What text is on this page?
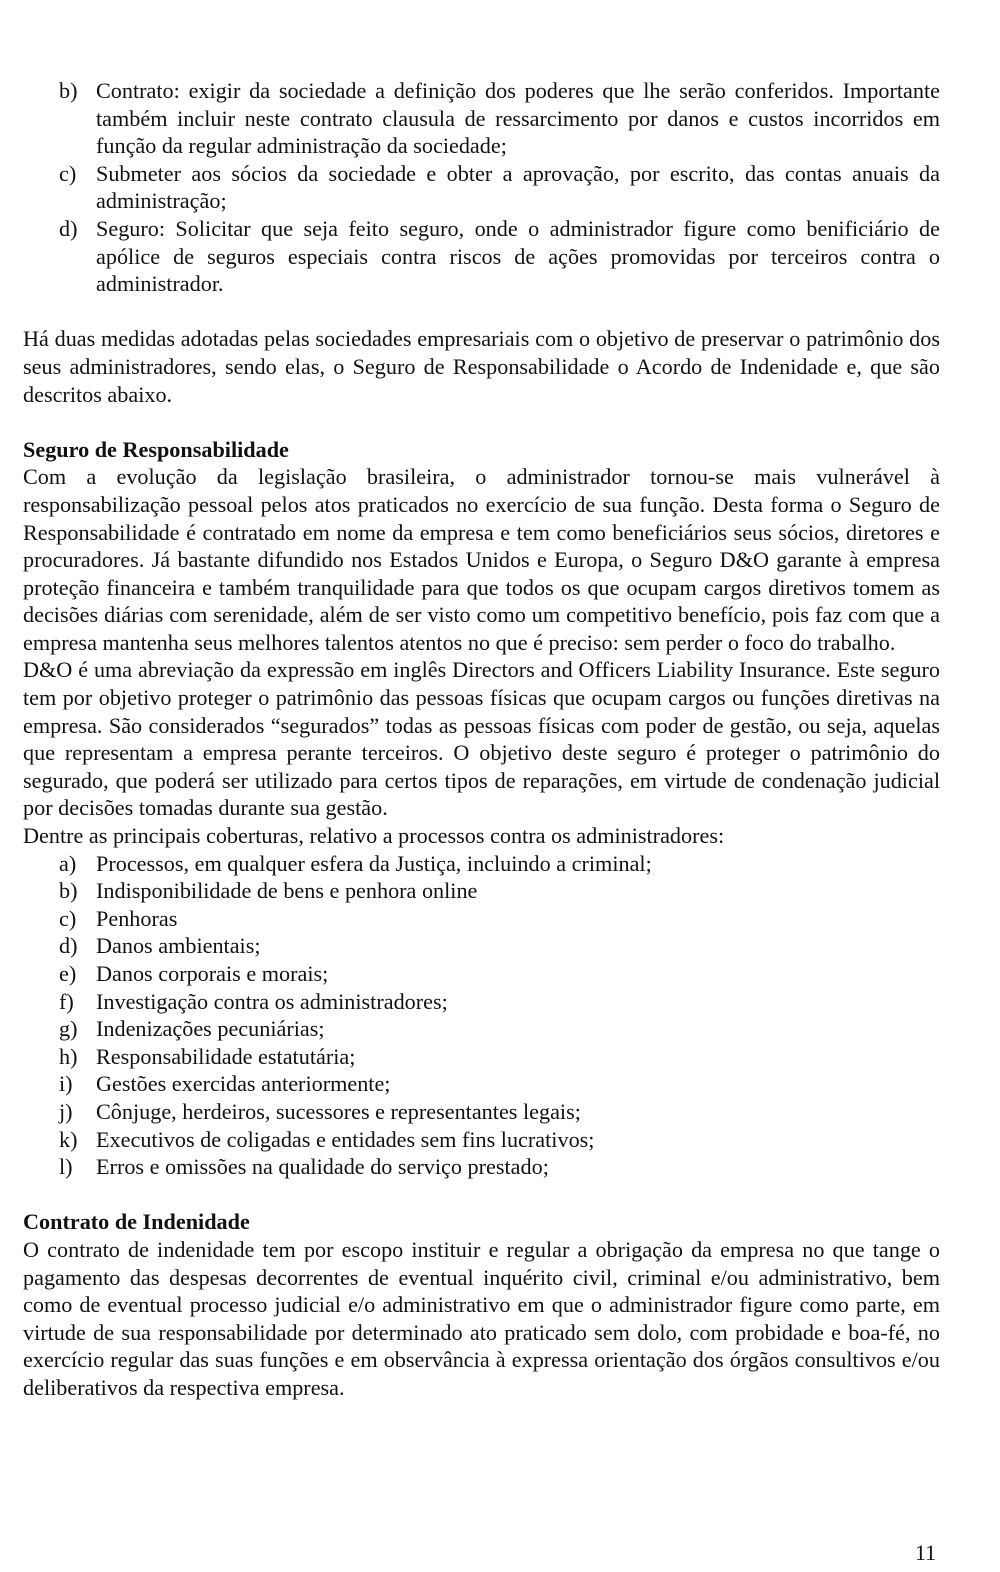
b) Contrato: exigir da sociedade a definição dos poderes que lhe serão conferidos. Importante também incluir neste contrato clausula de ressarcimento por danos e custos incorridos em função da regular administração da sociedade;
c) Submeter aos sócios da sociedade e obter a aprovação, por escrito, das contas anuais da administração;
d) Seguro: Solicitar que seja feito seguro, onde o administrador figure como benificiário de apólice de seguros especiais contra riscos de ações promovidas por terceiros contra o administrador.

Há duas medidas adotadas pelas sociedades empresariais com o objetivo de preservar o patrimônio dos seus administradores, sendo elas, o Seguro de Responsabilidade o Acordo de Indenidade e, que são descritos abaixo.

Seguro de Responsabilidade

Com a evolução da legislação brasileira, o administrador tornou-se mais vulnerável à responsabilização pessoal pelos atos praticados no exercício de sua função. Desta forma o Seguro de Responsabilidade é contratado em nome da empresa e tem como beneficiários seus sócios, diretores e procuradores. Já bastante difundido nos Estados Unidos e Europa, o Seguro D&O garante à empresa proteção financeira e também tranquilidade para que todos os que ocupam cargos diretivos tomem as decisões diárias com serenidade, além de ser visto como um competitivo benefício, pois faz com que a empresa mantenha seus melhores talentos atentos no que é preciso: sem perder o foco do trabalho.

D&O é uma abreviação da expressão em inglês Directors and Officers Liability Insurance. Este seguro tem por objetivo proteger o patrimônio das pessoas físicas que ocupam cargos ou funções diretivas na empresa. São considerados “segurados” todas as pessoas físicas com poder de gestão, ou seja, aquelas que representam a empresa perante terceiros. O objetivo deste seguro é proteger o patrimônio do segurado, que poderá ser utilizado para certos tipos de reparações, em virtude de condenação judicial por decisões tomadas durante sua gestão.

Dentre as principais coberturas, relativo a processos contra os administradores:

a) Processos, em qualquer esfera da Justiça, incluindo a criminal;
b) Indisponibilidade de bens e penhora online
c) Penhoras
d) Danos ambientais;
e) Danos corporais e morais;
f) Investigação contra os administradores;
g) Indenizações pecuniárias;
h) Responsabilidade estatutária;
i) Gestões exercidas anteriormente;
j) Cônjuge, herdeiros, sucessores e representantes legais;
k) Executivos de coligadas e entidades sem fins lucrativos;
l) Erros e omissões na qualidade do serviço prestado;

Contrato de Indenidade

O contrato de indenidade tem por escopo instituir e regular a obrigação da empresa no que tange o pagamento das despesas decorrentes de eventual inquérito civil, criminal e/ou administrativo, bem como de eventual processo judicial e/o administrativo em que o administrador figure como parte, em virtude de sua responsabilidade por determinado ato praticado sem dolo, com probidade e boa-fé, no exercício regular das suas funções e em observância à expressa orientação dos órgãos consultivos e/ou deliberativos da respectiva empresa.

11
